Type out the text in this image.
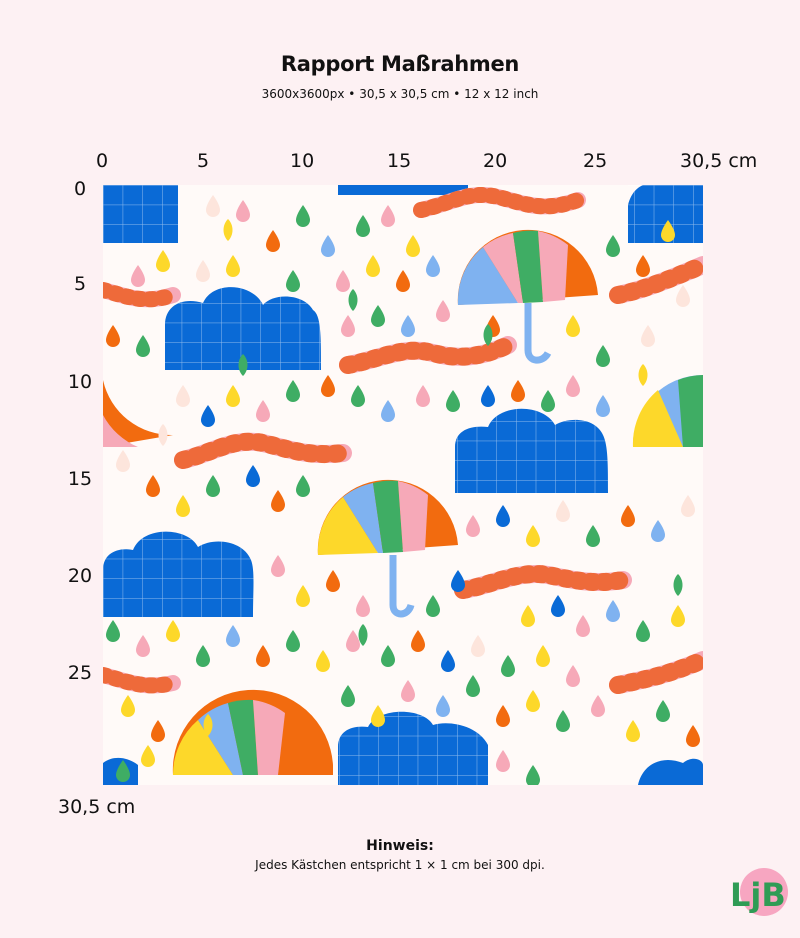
Rapport Maßrahmen
3600x3600px • 30,5 x 30,5 cm • 12 x 12 inch
0	5	10	15	20	25	30,5 cm
0
5
10
15
20
25
30,5 cm
Hinweis:
Jedes Kästchen entspricht 1 × 1 cm bei 300 dpi.
LjB
